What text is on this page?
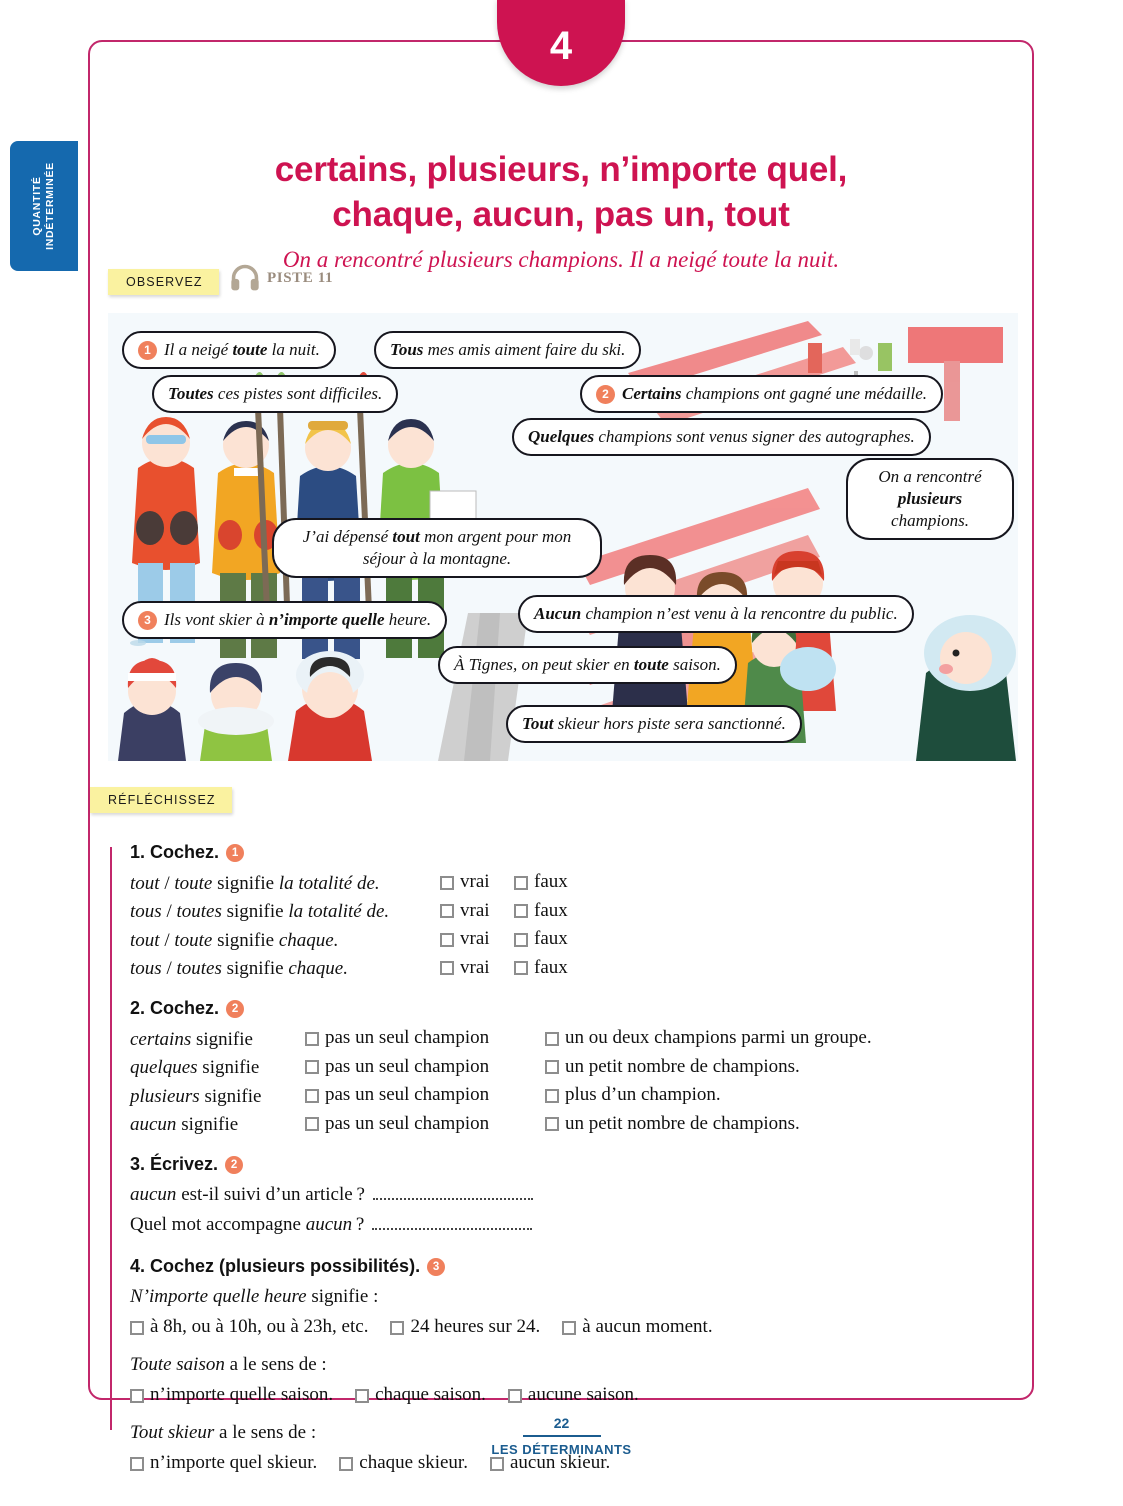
QUANTITÉ
INDÉTERMINÉE	certains, plusieurs, n’importe quel,
chaque, aucun, pas un, tout
On a rencontré plusieurs champions. Il a neigé toute la nuit.
OBSERVEZ	PISTE 11
1 Il a neigé toute la nuit.	Tous mes amis aiment faire du ski.
Toutes ces pistes sont difficiles.	2 Certains champions ont gagné une médaille.
Quelques champions sont venus signer des autographes.
On a rencontré plusieurs champions.
J’ai dépensé tout mon argent pour mon séjour à la montagne.
3 Ils vont skier à n’importe quelle heure.	Aucun champion n’est venu à la rencontre du public.
À Tignes, on peut skier en toute saison.
Tout skieur hors piste sera sanctionné.
RÉFLÉCHISSEZ
1. Cochez.	1
tout / toute signifie la totalité de.	vrai faux
tous / toutes signifie la totalité de.	vrai faux
tout / toute signifie chaque.	vrai faux
tous / toutes signifie chaque.	vrai faux
2. Cochez.	2
certains signifie	pas un seul champion	un ou deux champions parmi un groupe.
quelques signifie	pas un seul champion	un petit nombre de champions.
plusieurs signifie	pas un seul champion	plus d’un champion.
aucun signifie	pas un seul champion	un petit nombre de champions.
3. Écrivez.	2
aucun est-il suivi d’un article ?
Quel mot accompagne aucun ?
4. Cochez (plusieurs possibilités).	3
N’importe quelle heure signifie :
à 8h, ou à 10h, ou à 23h, etc. 24 heures sur 24. à aucun moment.
Toute saison a le sens de :
n’importe quelle saison. chaque saison. aucune saison.
Tout skieur a le sens de :
n’importe quel skieur. chaque skieur. aucun skieur.
4
22
LES DÉTERMINANTS
